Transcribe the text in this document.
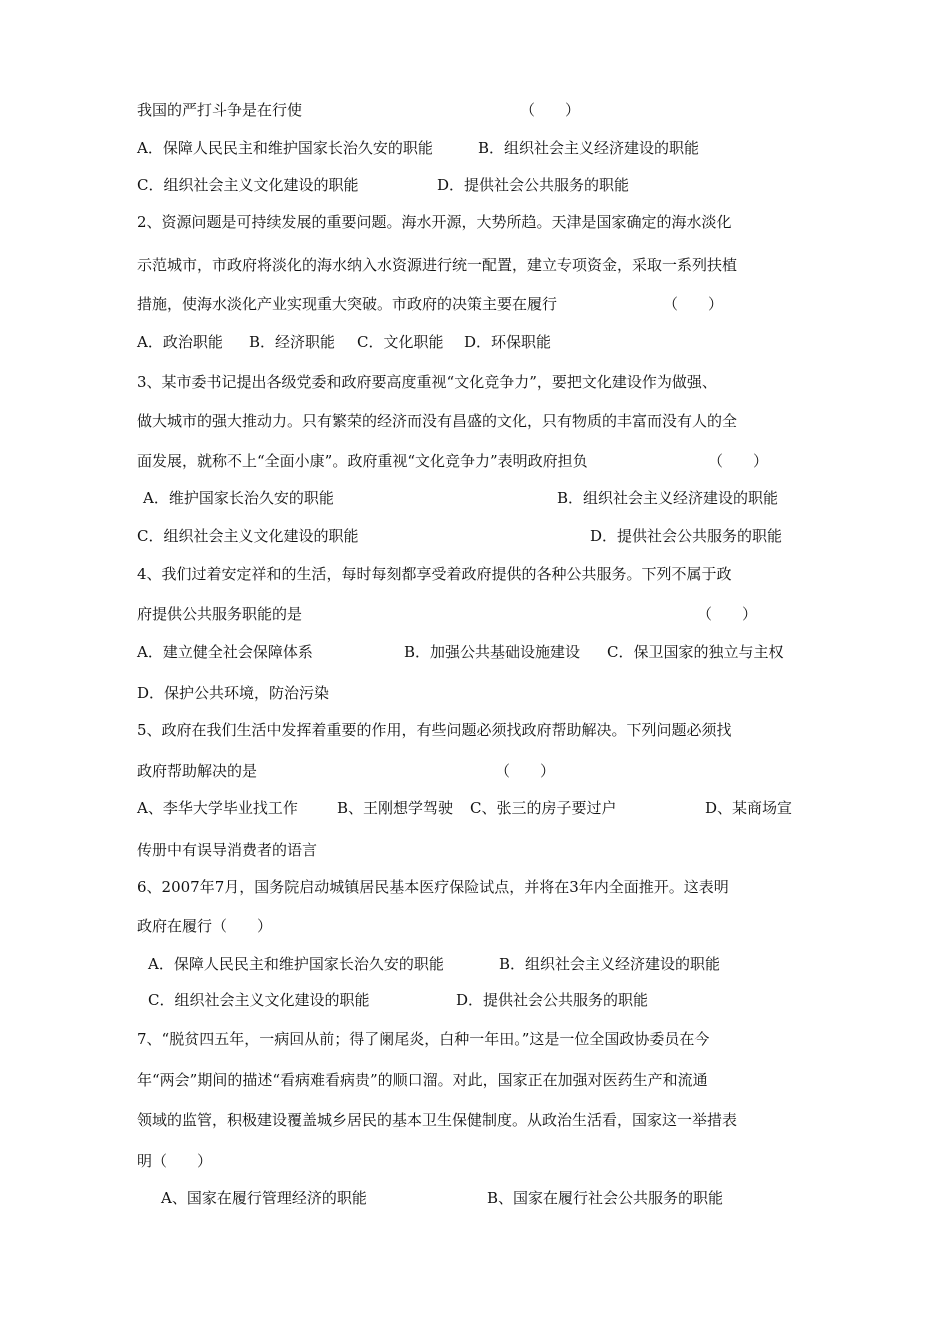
我国的严打斗争是在行使	（　　）
A．保障人民民主和维护国家长治久安的职能	B．组织社会主义经济建设的职能
C．组织社会主义文化建设的职能	D．提供社会公共服务的职能
2、资源问题是可持续发展的重要问题。海水开源，大势所趋。天津是国家确定的海水淡化
示范城市，市政府将淡化的海水纳入水资源进行统一配置，建立专项资金，采取一系列扶植
措施，使海水淡化产业实现重大突破。市政府的决策主要在履行	（　　）
A．政治职能 B．经济职能 C．文化职能 D．环保职能
3、某市委书记提出各级党委和政府要高度重视“文化竞争力”，要把文化建设作为做强、
做大城市的强大推动力。只有繁荣的经济而没有昌盛的文化，只有物质的丰富而没有人的全
面发展，就称不上“全面小康”。政府重视“文化竞争力”表明政府担负	（　　）
A．维护国家长治久安的职能	B．组织社会主义经济建设的职能
C．组织社会主义文化建设的职能	D．提供社会公共服务的职能
4、我们过着安定祥和的生活，每时每刻都享受着政府提供的各种公共服务。下列不属于政
府提供公共服务职能的是	（　　）
A．建立健全社会保障体系	B．加强公共基础设施建设 C．保卫国家的独立与主权
D．保护公共环境，防治污染
5、政府在我们生活中发挥着重要的作用，有些问题必须找政府帮助解决。下列问题必须找
政府帮助解决的是	（　　）
A、李华大学毕业找工作	B、王刚想学驾驶 C、张三的房子要过户	D、某商场宣
传册中有误导消费者的语言
6、2007年7月，国务院启动城镇居民基本医疗保险试点，并将在3年内全面推开。这表明
政府在履行（　　）
A．保障人民民主和维护国家长治久安的职能	B．组织社会主义经济建设的职能
C．组织社会主义文化建设的职能	D．提供社会公共服务的职能
7、“脱贫四五年，一病回从前；得了阑尾炎，白种一年田。”这是一位全国政协委员在今
年“两会”期间的描述“看病难看病贵”的顺口溜。对此，国家正在加强对医药生产和流通
领域的监管，积极建设覆盖城乡居民的基本卫生保健制度。从政治生活看，国家这一举措表
明（　　）
A、国家在履行管理经济的职能	B、国家在履行社会公共服务的职能
